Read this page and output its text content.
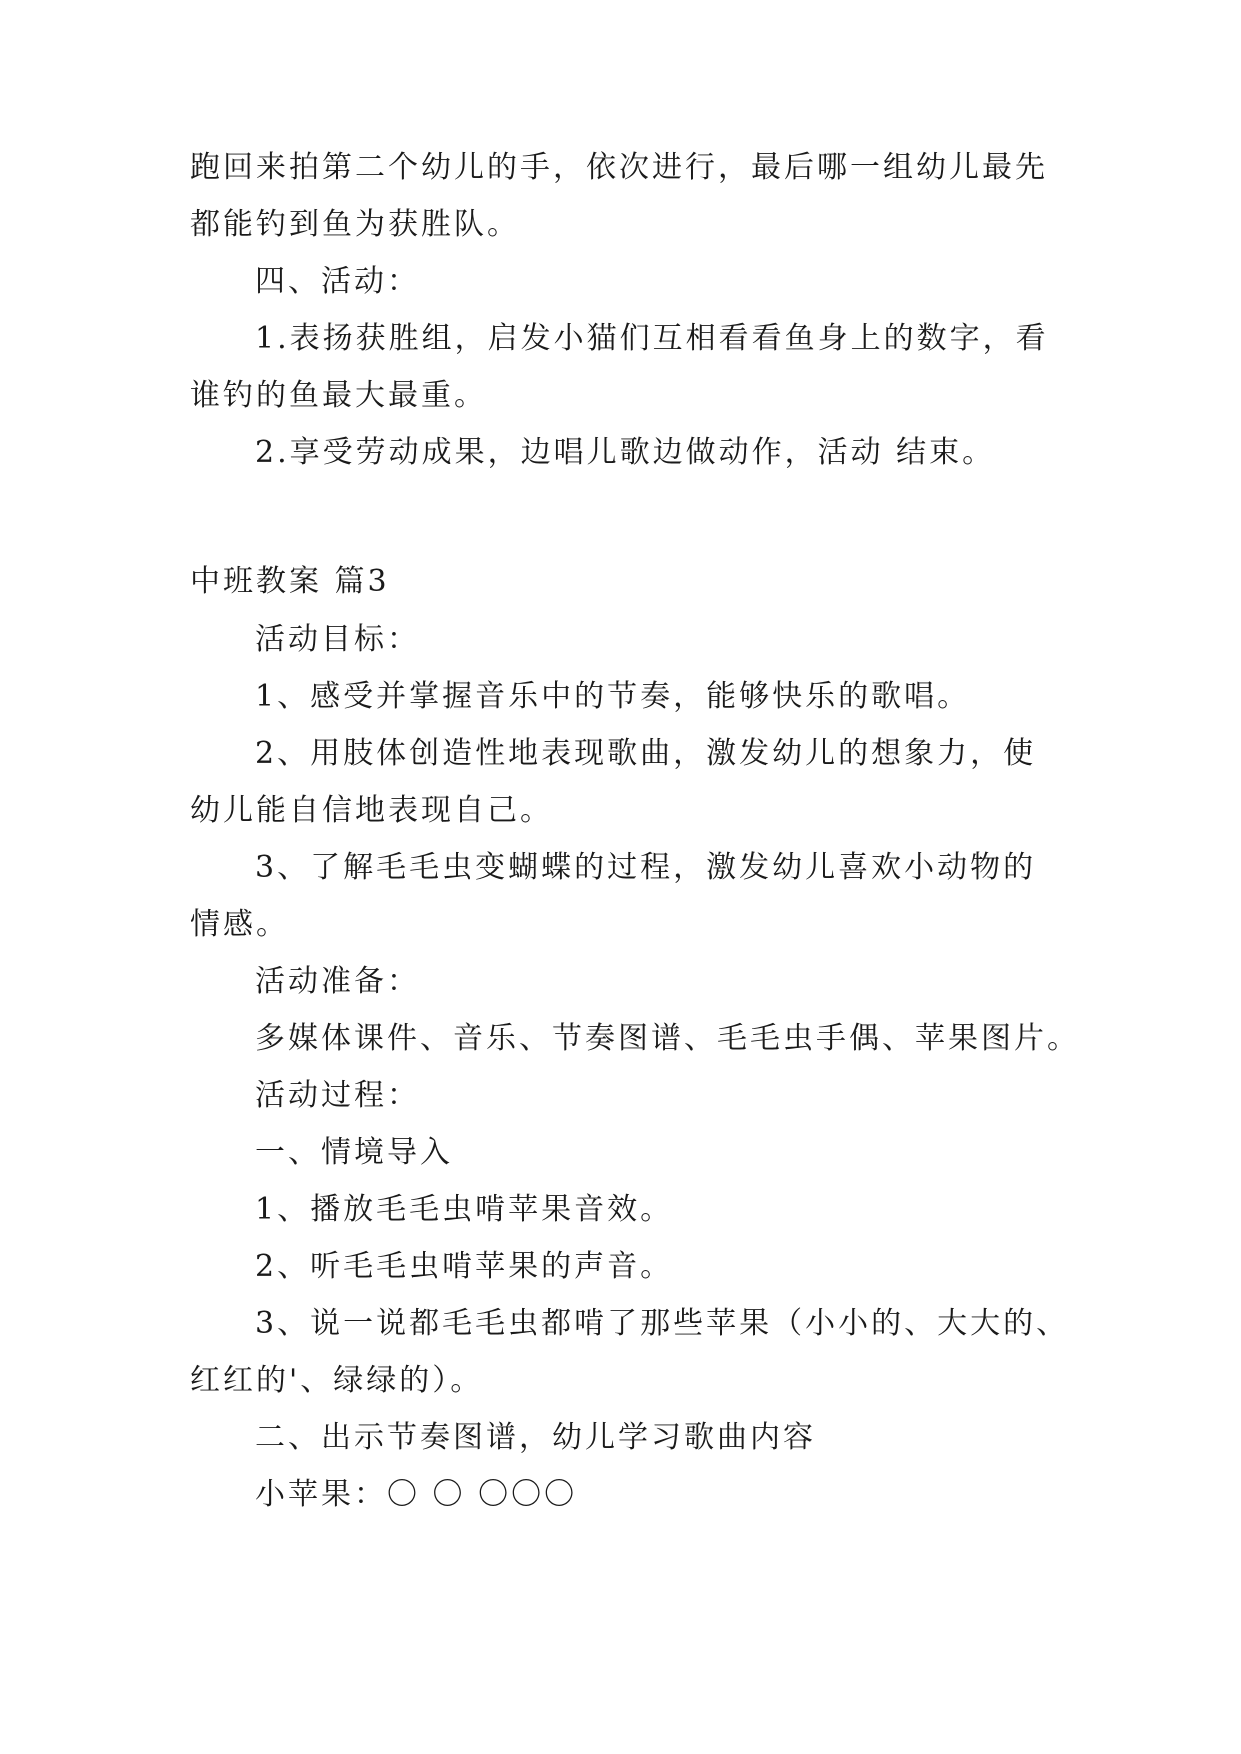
跑回来拍第二个幼儿的手，依次进行，最后哪一组幼儿最先
都能钓到鱼为获胜队。
四、活动：
1.表扬获胜组，启发小猫们互相看看鱼身上的数字，看
谁钓的鱼最大最重。
2.享受劳动成果，边唱儿歌边做动作，活动 结束。
中班教案 篇3
活动目标：
1、感受并掌握音乐中的节奏，能够快乐的歌唱。
2、用肢体创造性地表现歌曲，激发幼儿的想象力，使
幼儿能自信地表现自己。
3、了解毛毛虫变蝴蝶的过程，激发幼儿喜欢小动物的
情感。
活动准备：
多媒体课件、音乐、节奏图谱、毛毛虫手偶、苹果图片。
活动过程：
一、情境导入
1、播放毛毛虫啃苹果音效。
2、听毛毛虫啃苹果的声音。
3、说一说都毛毛虫都啃了那些苹果（小小的、大大的、
红红的'、绿绿的）。
二、出示节奏图谱，幼儿学习歌曲内容
小苹果：〇 〇 〇〇〇
